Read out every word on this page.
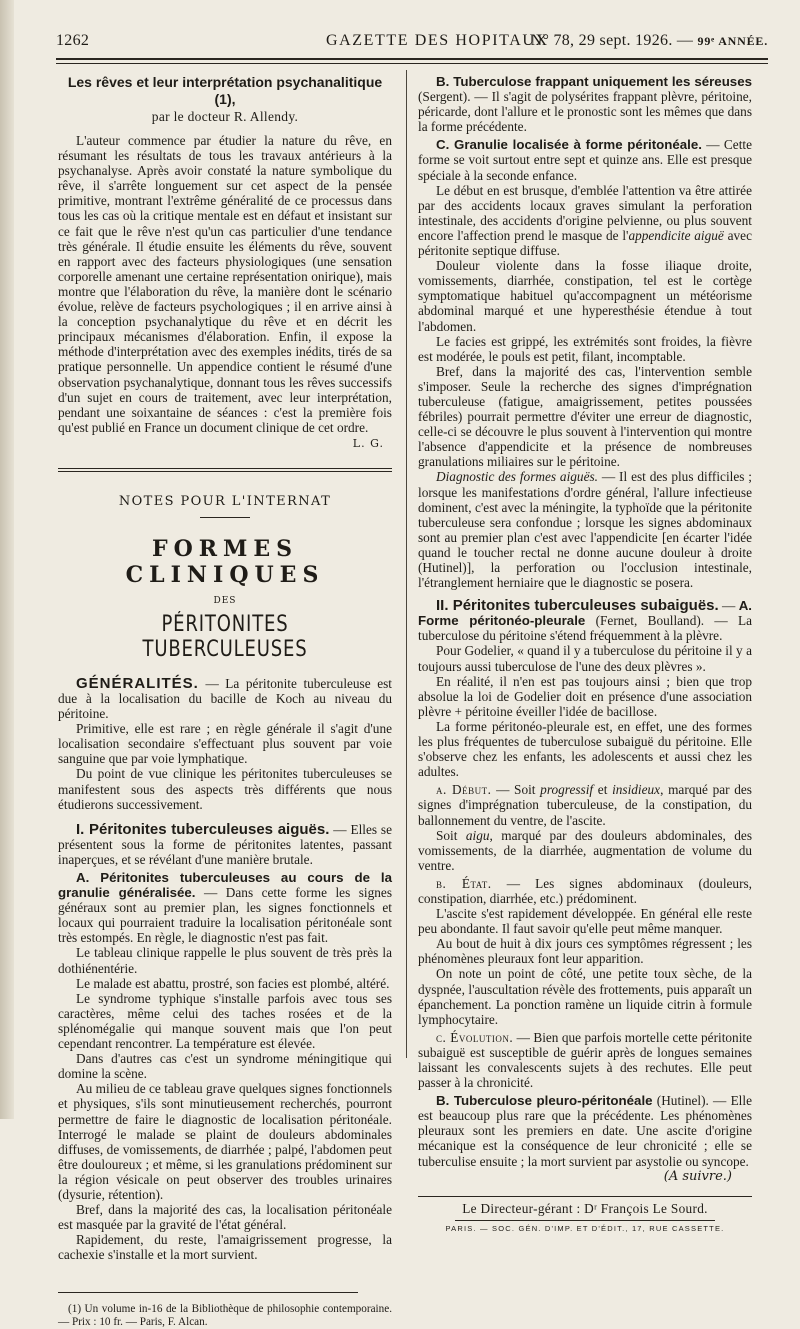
1262	GAZETTE DES HOPITAUX
N° 78, 29 sept. 1926. — 99ᵉ ANNÉE.
Les rêves et leur interprétation psychanalitique (1),
par le docteur R. Allendy.

L'auteur commence par étudier la nature du rêve, en résumant les résultats de tous les travaux antérieurs à la psychanalyse. Après avoir constaté la nature symbolique du rêve, il s'arrête longuement sur cet aspect de la pensée primitive, montrant l'extrême généralité de ce processus dans tous les cas où la critique mentale est en défaut et insistant sur ce fait que le rêve n'est qu'un cas particulier d'une tendance très générale. Il étudie ensuite les éléments du rêve, souvent en rapport avec des facteurs physiologiques (une sensation corporelle amenant une certaine représentation onirique), mais montre que l'élaboration du rêve, la manière dont le scénario évolue, relève de facteurs psychologiques ; il en arrive ainsi à la conception psychanalytique du rêve et en décrit les principaux mécanismes d'élaboration. Enfin, il expose la méthode d'interprétation avec des exemples inédits, tirés de sa pratique personnelle. Un appendice contient le résumé d'une observation psychanalytique, donnant tous les rêves successifs d'un sujet en cours de traitement, avec leur interprétation, pendant une soixantaine de séances : c'est la première fois qu'est publié en France un document clinique de cet ordre.

L. G.
NOTES POUR L'INTERNAT
FORMES CLINIQUES
DES
PÉRITONITES TUBERCULEUSES

GÉNÉRALITÉS. — La péritonite tuberculeuse est due à la localisation du bacille de Koch au niveau du péritoine.

Primitive, elle est rare ; en règle générale il s'agit d'une localisation secondaire s'effectuant plus souvent par voie sanguine que par voie lymphatique.

Du point de vue clinique les péritonites tuberculeuses se manifestent sous des aspects très différents que nous étudierons successivement.

I. Péritonites tuberculeuses aiguës. — Elles se présentent sous la forme de péritonites latentes, passant inaperçues, et se révélant d'une manière brutale.

A. Péritonites tuberculeuses au cours de la granulie généralisée. — Dans cette forme les signes généraux sont au premier plan, les signes fonctionnels et locaux qui pourraient traduire la localisation péritonéale sont très estompés. En règle, le diagnostic n'est pas fait.

Le tableau clinique rappelle le plus souvent de très près la dothiénentérie.

Le malade est abattu, prostré, son facies est plombé, altéré.

Le syndrome typhique s'installe parfois avec tous ses caractères, même celui des taches rosées et de la splénomégalie qui manque souvent mais que l'on peut cependant rencontrer. La température est élevée.

Dans d'autres cas c'est un syndrome méningitique qui domine la scène.

Au milieu de ce tableau grave quelques signes fonctionnels et physiques, s'ils sont minutieusement recherchés, pourront permettre de faire le diagnostic de localisation péritonéale. Interrogé le malade se plaint de douleurs abdominales diffuses, de vomissements, de diarrhée ; palpé, l'abdomen peut être douloureux ; et même, si les granulations prédominent sur la région vésicale on peut observer des troubles urinaires (dysurie, rétention).

Bref, dans la majorité des cas, la localisation péritonéale est masquée par la gravité de l'état général.

Rapidement, du reste, l'amaigrissement progresse, la cachexie s'installe et la mort survient.

(1) Un volume in-16 de la Bibliothèque de philosophie contemporaine. — Prix : 10 fr. — Paris, F. Alcan.

B. Tuberculose frappant uniquement les séreuses (Sergent). — Il s'agit de polysérites frappant plèvre, péritoine, péricarde, dont l'allure et le pronostic sont les mêmes que dans la forme précédente.

C. Granulie localisée à forme péritonéale. — Cette forme se voit surtout entre sept et quinze ans. Elle est presque spéciale à la seconde enfance.

Le début en est brusque, d'emblée l'attention va être attirée par des accidents locaux graves simulant la perforation intestinale, des accidents d'origine pelvienne, ou plus souvent encore l'affection prend le masque de l'appendicite aiguë avec péritonite septique diffuse.

Douleur violente dans la fosse iliaque droite, vomissements, diarrhée, constipation, tel est le cortège symptomatique habituel qu'accompagnent un météorisme abdominal marqué et une hyperesthésie étendue à tout l'abdomen.

Le facies est grippé, les extrémités sont froides, la fièvre est modérée, le pouls est petit, filant, incomptable.

Bref, dans la majorité des cas, l'intervention semble s'imposer. Seule la recherche des signes d'imprégnation tuberculeuse (fatigue, amaigrissement, petites poussées fébriles) pourrait permettre d'éviter une erreur de diagnostic, celle-ci se découvre le plus souvent à l'intervention qui montre l'absence d'appendicite et la présence de nombreuses granulations miliaires sur le péritoine.

Diagnostic des formes aiguës. — Il est des plus difficiles ; lorsque les manifestations d'ordre général, l'allure infectieuse dominent, c'est avec la méningite, la typhoïde que la péritonite tuberculeuse sera confondue ; lorsque les signes abdominaux sont au premier plan c'est avec l'appendicite [en écarter l'idée quand le toucher rectal ne donne aucune douleur à droite (Hutinel)], la perforation ou l'occlusion intestinale, l'étranglement herniaire que le diagnostic se posera.

II. Péritonites tuberculeuses subaiguës. — A. Forme péritonéo-pleurale (Fernet, Boulland). — La tuberculose du péritoine s'étend fréquemment à la plèvre.

Pour Godelier, « quand il y a tuberculose du péritoine il y a toujours aussi tuberculose de l'une des deux plèvres ».

En réalité, il n'en est pas toujours ainsi ; bien que trop absolue la loi de Godelier doit en présence d'une association plèvre + péritoine éveiller l'idée de bacillose.

La forme péritonéo-pleurale est, en effet, une des formes les plus fréquentes de tuberculose subaiguë du péritoine. Elle s'observe chez les enfants, les adolescents et aussi chez les adultes.

a. Début. — Soit progressif et insidieux, marqué par des signes d'imprégnation tuberculeuse, de la constipation, du ballonnement du ventre, de l'ascite.

Soit aigu, marqué par des douleurs abdominales, des vomissements, de la diarrhée, augmentation de volume du ventre.

b. État. — Les signes abdominaux (douleurs, constipation, diarrhée, etc.) prédominent.

L'ascite s'est rapidement développée. En général elle reste peu abondante. Il faut savoir qu'elle peut même manquer.

Au bout de huit à dix jours ces symptômes régressent ; les phénomènes pleuraux font leur apparition.

On note un point de côté, une petite toux sèche, de la dyspnée, l'auscultation révèle des frottements, puis apparaît un épanchement. La ponction ramène un liquide citrin à formule lymphocytaire.

c. Évolution. — Bien que parfois mortelle cette péritonite subaiguë est susceptible de guérir après de longues semaines laissant les convalescents sujets à des rechutes. Elle peut passer à la chronicité.

B. Tuberculose pleuro-péritonéale (Hutinel). — Elle est beaucoup plus rare que la précédente. Les phénomènes pleuraux sont les premiers en date. Une ascite d'origine mécanique est la conséquence de leur chronicité ; elle se tuberculise ensuite ; la mort survient par asystolie ou syncope.

(A suivre.)
Le Directeur-gérant : Dʳ François Le Sourd.
PARIS. — SOC. GÉN. D'IMP. ET D'ÉDIT., 17, RUE CASSETTE.
